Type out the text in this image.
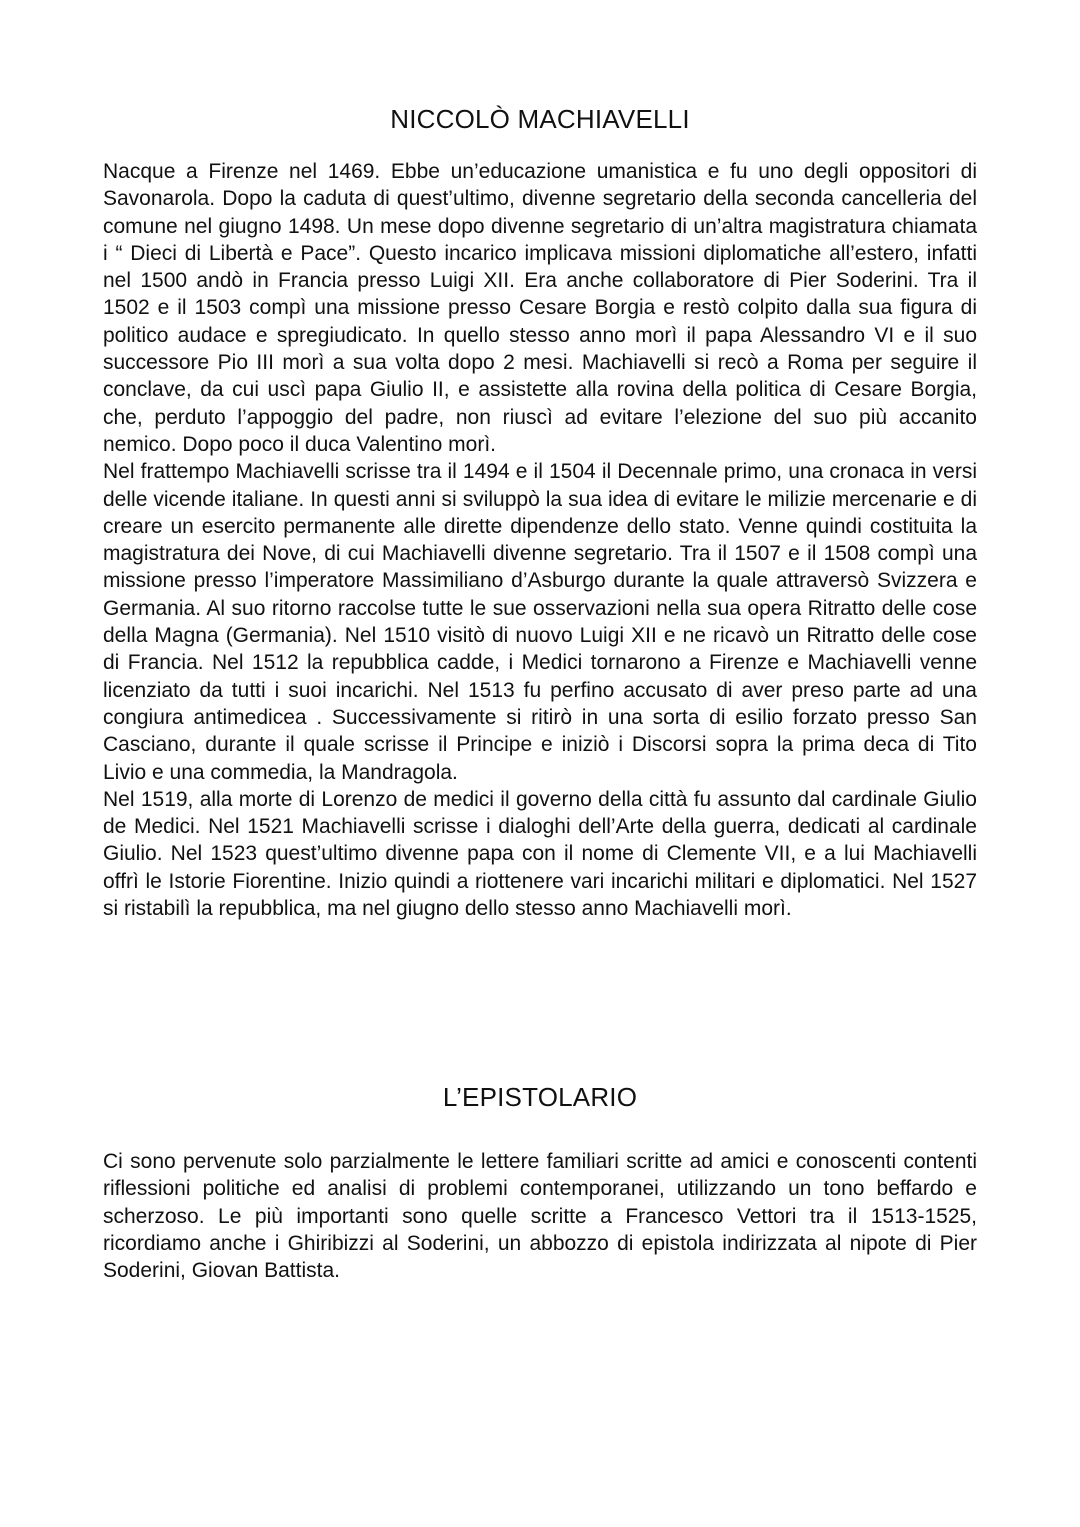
NICCOLÒ MACHIAVELLI

Nacque a Firenze nel 1469. Ebbe un’educazione umanistica e fu uno degli oppositori di Savonarola. Dopo la caduta di quest’ultimo, divenne segretario della seconda cancelleria del comune nel giugno 1498. Un mese dopo divenne segretario di un’altra magistratura chiamata i “ Dieci di Libertà e Pace”. Questo incarico implicava missioni diplomatiche all’estero, infatti nel 1500 andò in Francia presso Luigi XII. Era anche collaboratore di Pier Soderini. Tra il 1502 e il 1503 compì una missione presso Cesare Borgia e restò colpito dalla sua figura di politico audace e spregiudicato. In quello stesso anno morì il papa Alessandro VI e il suo successore Pio III morì a sua volta dopo 2 mesi. Machiavelli si recò a Roma per seguire il conclave, da cui uscì papa Giulio II, e assistette alla rovina della politica di Cesare Borgia, che, perduto l’appoggio del padre, non riuscì ad evitare l’elezione del suo più accanito nemico. Dopo poco il duca Valentino morì.

Nel frattempo Machiavelli scrisse tra il 1494 e il 1504 il Decennale primo, una cronaca in versi delle vicende italiane. In questi anni si sviluppò la sua idea di evitare le milizie mercenarie e di creare un esercito permanente alle dirette dipendenze dello stato. Venne quindi costituita la magistratura dei Nove, di cui Machiavelli divenne segretario. Tra il 1507 e il 1508 compì una missione presso l’imperatore Massimiliano d’Asburgo durante la quale attraversò Svizzera e Germania. Al suo ritorno raccolse tutte le sue osservazioni nella sua opera Ritratto delle cose della Magna (Germania). Nel 1510 visitò di nuovo Luigi XII e ne ricavò un Ritratto delle cose di Francia. Nel 1512 la repubblica cadde, i Medici tornarono a Firenze e Machiavelli venne licenziato da tutti i suoi incarichi. Nel 1513 fu perfino accusato di aver preso parte ad una congiura antimedicea . Successivamente si ritirò in una sorta di esilio forzato presso San Casciano, durante il quale scrisse il Principe e iniziò i Discorsi sopra la prima deca di Tito Livio e una commedia, la Mandragola.

Nel 1519, alla morte di Lorenzo de medici il governo della città fu assunto dal cardinale Giulio de Medici. Nel 1521 Machiavelli scrisse i dialoghi dell’Arte della guerra, dedicati al cardinale Giulio. Nel 1523 quest’ultimo divenne papa con il nome di Clemente VII, e a lui Machiavelli offrì le Istorie Fiorentine. Inizio quindi a riottenere vari incarichi militari e diplomatici. Nel 1527 si ristabilì la repubblica, ma nel giugno dello stesso anno Machiavelli morì.

L’EPISTOLARIO

Ci sono pervenute solo parzialmente le lettere familiari scritte ad amici e conoscenti contenti riflessioni politiche ed analisi di problemi contemporanei, utilizzando un tono beffardo e scherzoso. Le più importanti sono quelle scritte a Francesco Vettori tra il 1513-1525, ricordiamo anche i Ghiribizzi al Soderini, un abbozzo di epistola indirizzata al nipote di Pier Soderini, Giovan Battista.
